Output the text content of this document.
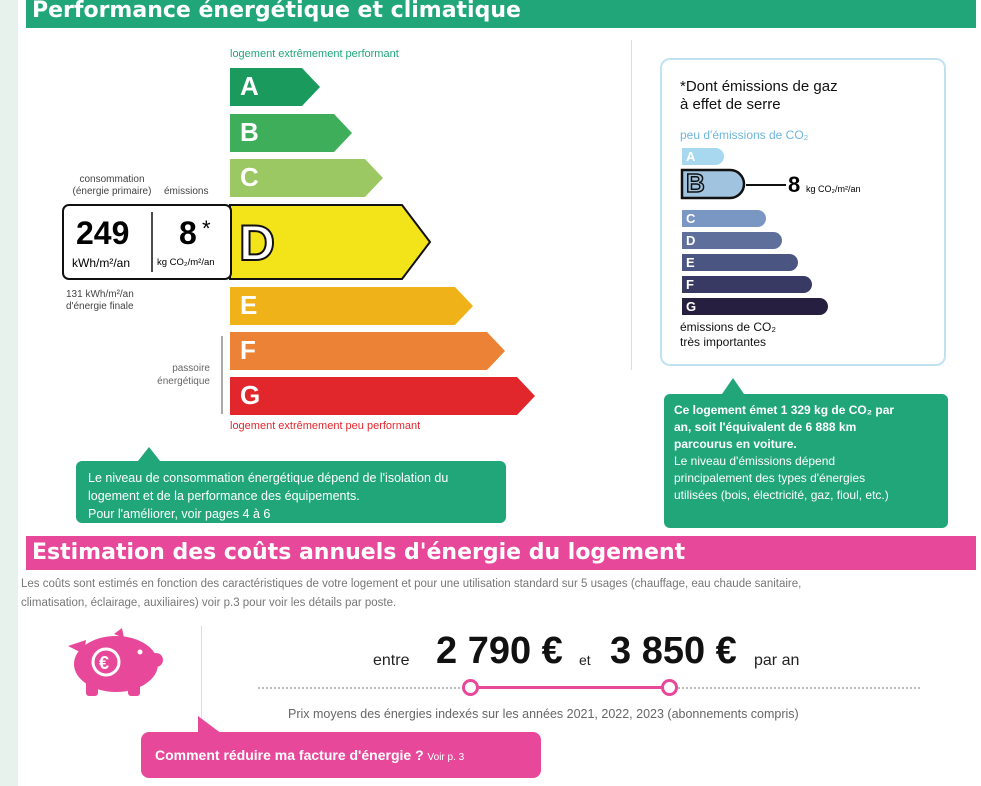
Performance énergétique et climatique
logement extrêmement performant
A
B
C
consommation
(énergie primaire)	émissions
249
kWh/m²/an
8 *
kg CO₂/m²/an D
131 kWh/m²/an
d'énergie finale	E
F
G
passoire
énergétique
logement extrêmement peu performant
Le niveau de consommation énergétique dépend de l'isolation du
logement et de la performance des équipements.
Pour l'améliorer, voir pages 4 à 6
*Dont émissions de gaz
à effet de serre
peu d'émissions de CO₂
A
B	8 kg CO₂/m²/an
C
D
E
F
G
émissions de CO₂
très importantes
Ce logement émet 1 329 kg de CO₂ par
an, soit l'équivalent de 6 888 km
parcourus en voiture.
Le niveau d'émissions dépend
principalement des types d'énergies
utilisées (bois, électricité, gaz, fioul, etc.)
Estimation des coûts annuels d'énergie du logement
Les coûts sont estimés en fonction des caractéristiques de votre logement et pour une utilisation standard sur 5 usages (chauffage, eau chaude sanitaire,
climatisation, éclairage, auxiliaires) voir p.3 pour voir les détails par poste.
€	entre 2 790 € et 3 850 € par an
Prix moyens des énergies indexés sur les années 2021, 2022, 2023 (abonnements compris)
Comment réduire ma facture d'énergie ? Voir p. 3
